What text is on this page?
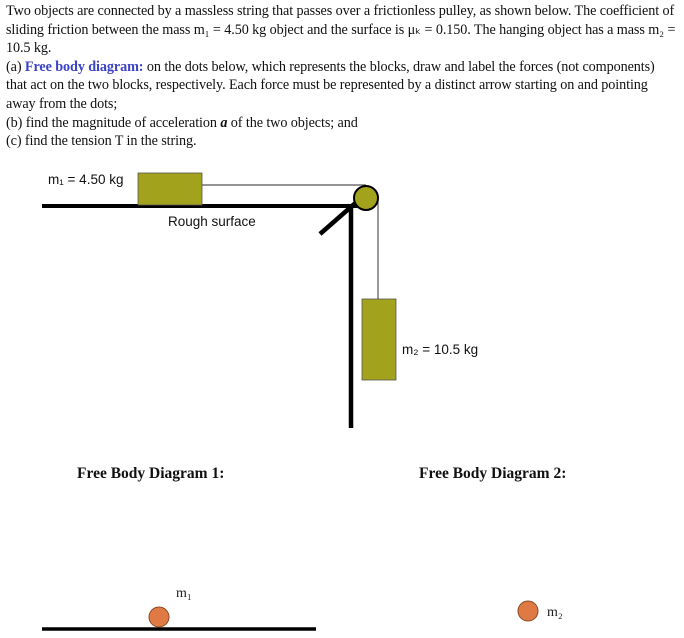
Two objects are connected by a massless string that passes over a frictionless pulley, as shown below. The coefficient of sliding friction between the mass m₁ = 4.50 kg object and the surface is μₖ = 0.150. The hanging object has a mass m₂ = 10.5 kg.

(a) Free body diagram: on the dots below, which represents the blocks, draw and label the forces (not components) that act on the two blocks, respectively. Each force must be represented by a distinct arrow starting on and pointing away from the dots;

(b) find the magnitude of acceleration a of the two objects; and

(c) find the tension T in the string.

m₁ = 4.50 kg
Rough surface
m₂ = 10.5 kg
Free Body Diagram 1:	Free Body Diagram 2:
m₁
m₂
